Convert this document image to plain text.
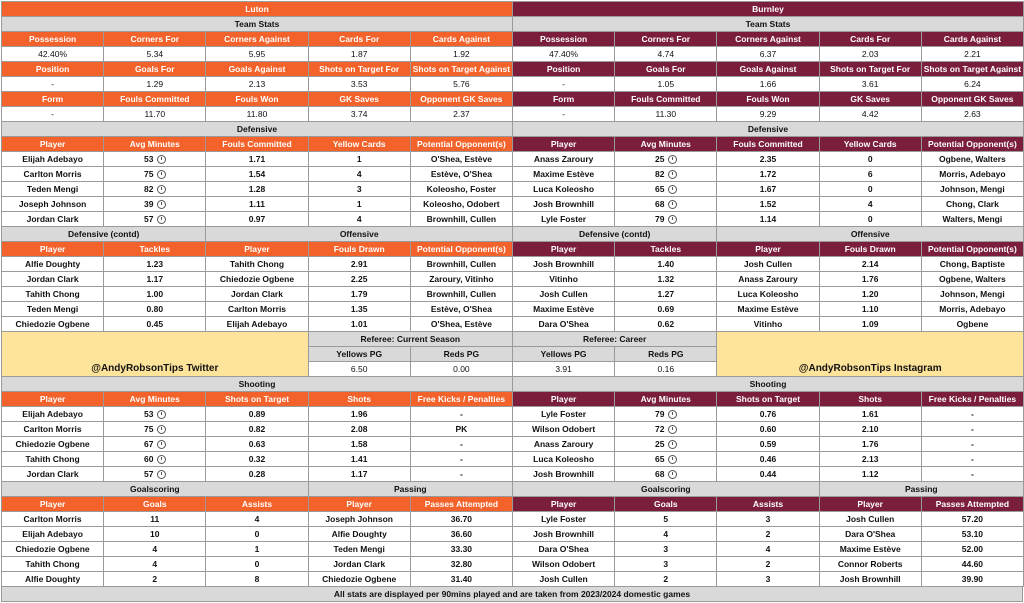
Luton
Team Stats
Possession	Corners For	Corners Against	Cards For	Cards Against
42.40%	5.34	5.95	1.87	1.92
Position	Goals For	Goals Against	Shots on Target For	Shots on Target Against
-	1.29	2.13	3.53	5.76
Form	Fouls Committed	Fouls Won	GK Saves	Opponent GK Saves
-	11.70	11.80	3.74	2.37
Defensive
Player	Avg Minutes	Fouls Committed	Yellow Cards	Potential Opponent(s)
Elijah Adebayo	53	1.71	1	O'Shea, Estève
Carlton Morris	75	1.54	4	Estève, O'Shea
Teden Mengi	82	1.28	3	Koleosho, Foster
Joseph Johnson	39	1.11	1	Koleosho, Odobert
Jordan Clark	57	0.97	4	Brownhill, Cullen
Defensive (contd)	Offensive
Player	Tackles	Player	Fouls Drawn	Potential Opponent(s)
Alfie Doughty	1.23	Tahith Chong	2.91	Brownhill, Cullen
Jordan Clark	1.17	Chiedozie Ogbene	2.25	Zaroury, Vitinho
Tahith Chong	1.00	Jordan Clark	1.79	Brownhill, Cullen
Teden Mengi	0.80	Carlton Morris	1.35	Estève, O'Shea
Chiedozie Ogbene	0.45	Elijah Adebayo	1.01	O'Shea, Estève
@AndyRobsonTips Twitter
Referee: Current Season
Yellows PG	Reds PG
6.50	0.00
Shooting
Player	Avg Minutes	Shots on Target	Shots	Free Kicks / Penalties
Elijah Adebayo	53	0.89	1.96	-
Carlton Morris	75	0.82	2.08	PK
Chiedozie Ogbene	67	0.63	1.58	-
Tahith Chong	60	0.32	1.41	-
Jordan Clark	57	0.28	1.17	-
Goalscoring	Passing
Player	Goals	Assists	Player	Passes Attempted
Carlton Morris	11	4	Joseph Johnson	36.70
Elijah Adebayo	10	0	Alfie Doughty	36.60
Chiedozie Ogbene	4	1	Teden Mengi	33.30
Tahith Chong	4	0	Jordan Clark	32.80
Alfie Doughty	2	8	Chiedozie Ogbene	31.40
Burnley
Team Stats
Possession	Corners For	Corners Against	Cards For	Cards Against
47.40%	4.74	6.37	2.03	2.21
Position	Goals For	Goals Against	Shots on Target For	Shots on Target Against
-	1.05	1.66	3.61	6.24
Form	Fouls Committed	Fouls Won	GK Saves	Opponent GK Saves
-	11.30	9.29	4.42	2.63
Defensive
Player	Avg Minutes	Fouls Committed	Yellow Cards	Potential Opponent(s)
Anass Zaroury	25	2.35	0	Ogbene, Walters
Maxime Estève	82	1.72	6	Morris, Adebayo
Luca Koleosho	65	1.67	0	Johnson, Mengi
Josh Brownhill	68	1.52	4	Chong, Clark
Lyle Foster	79	1.14	0	Walters, Mengi
Defensive (contd)	Offensive
Player	Tackles	Player	Fouls Drawn	Potential Opponent(s)
Josh Brownhill	1.40	Josh Cullen	2.14	Chong, Baptiste
Vitinho	1.32	Anass Zaroury	1.76	Ogbene, Walters
Josh Cullen	1.27	Luca Koleosho	1.20	Johnson, Mengi
Maxime Estève	0.69	Maxime Estève	1.10	Morris, Adebayo
Dara O'Shea	0.62	Vitinho	1.09	Ogbene
Referee: Career
Yellows PG	Reds PG
3.91	0.16	@AndyRobsonTips Instagram
Shooting
Player	Avg Minutes	Shots on Target	Shots	Free Kicks / Penalties
Lyle Foster	79	0.76	1.61	-
Wilson Odobert	72	0.60	2.10	-
Anass Zaroury	25	0.59	1.76	-
Luca Koleosho	65	0.46	2.13	-
Josh Brownhill	68	0.44	1.12	-
Goalscoring	Passing
Player	Goals	Assists	Player	Passes Attempted
Lyle Foster	5	3	Josh Cullen	57.20
Josh Brownhill	4	2	Dara O'Shea	53.10
Dara O'Shea	3	4	Maxime Estève	52.00
Wilson Odobert	3	2	Connor Roberts	44.60
Josh Cullen	2	3	Josh Brownhill	39.90
All stats are displayed per 90mins played and are taken from 2023/2024 domestic games
